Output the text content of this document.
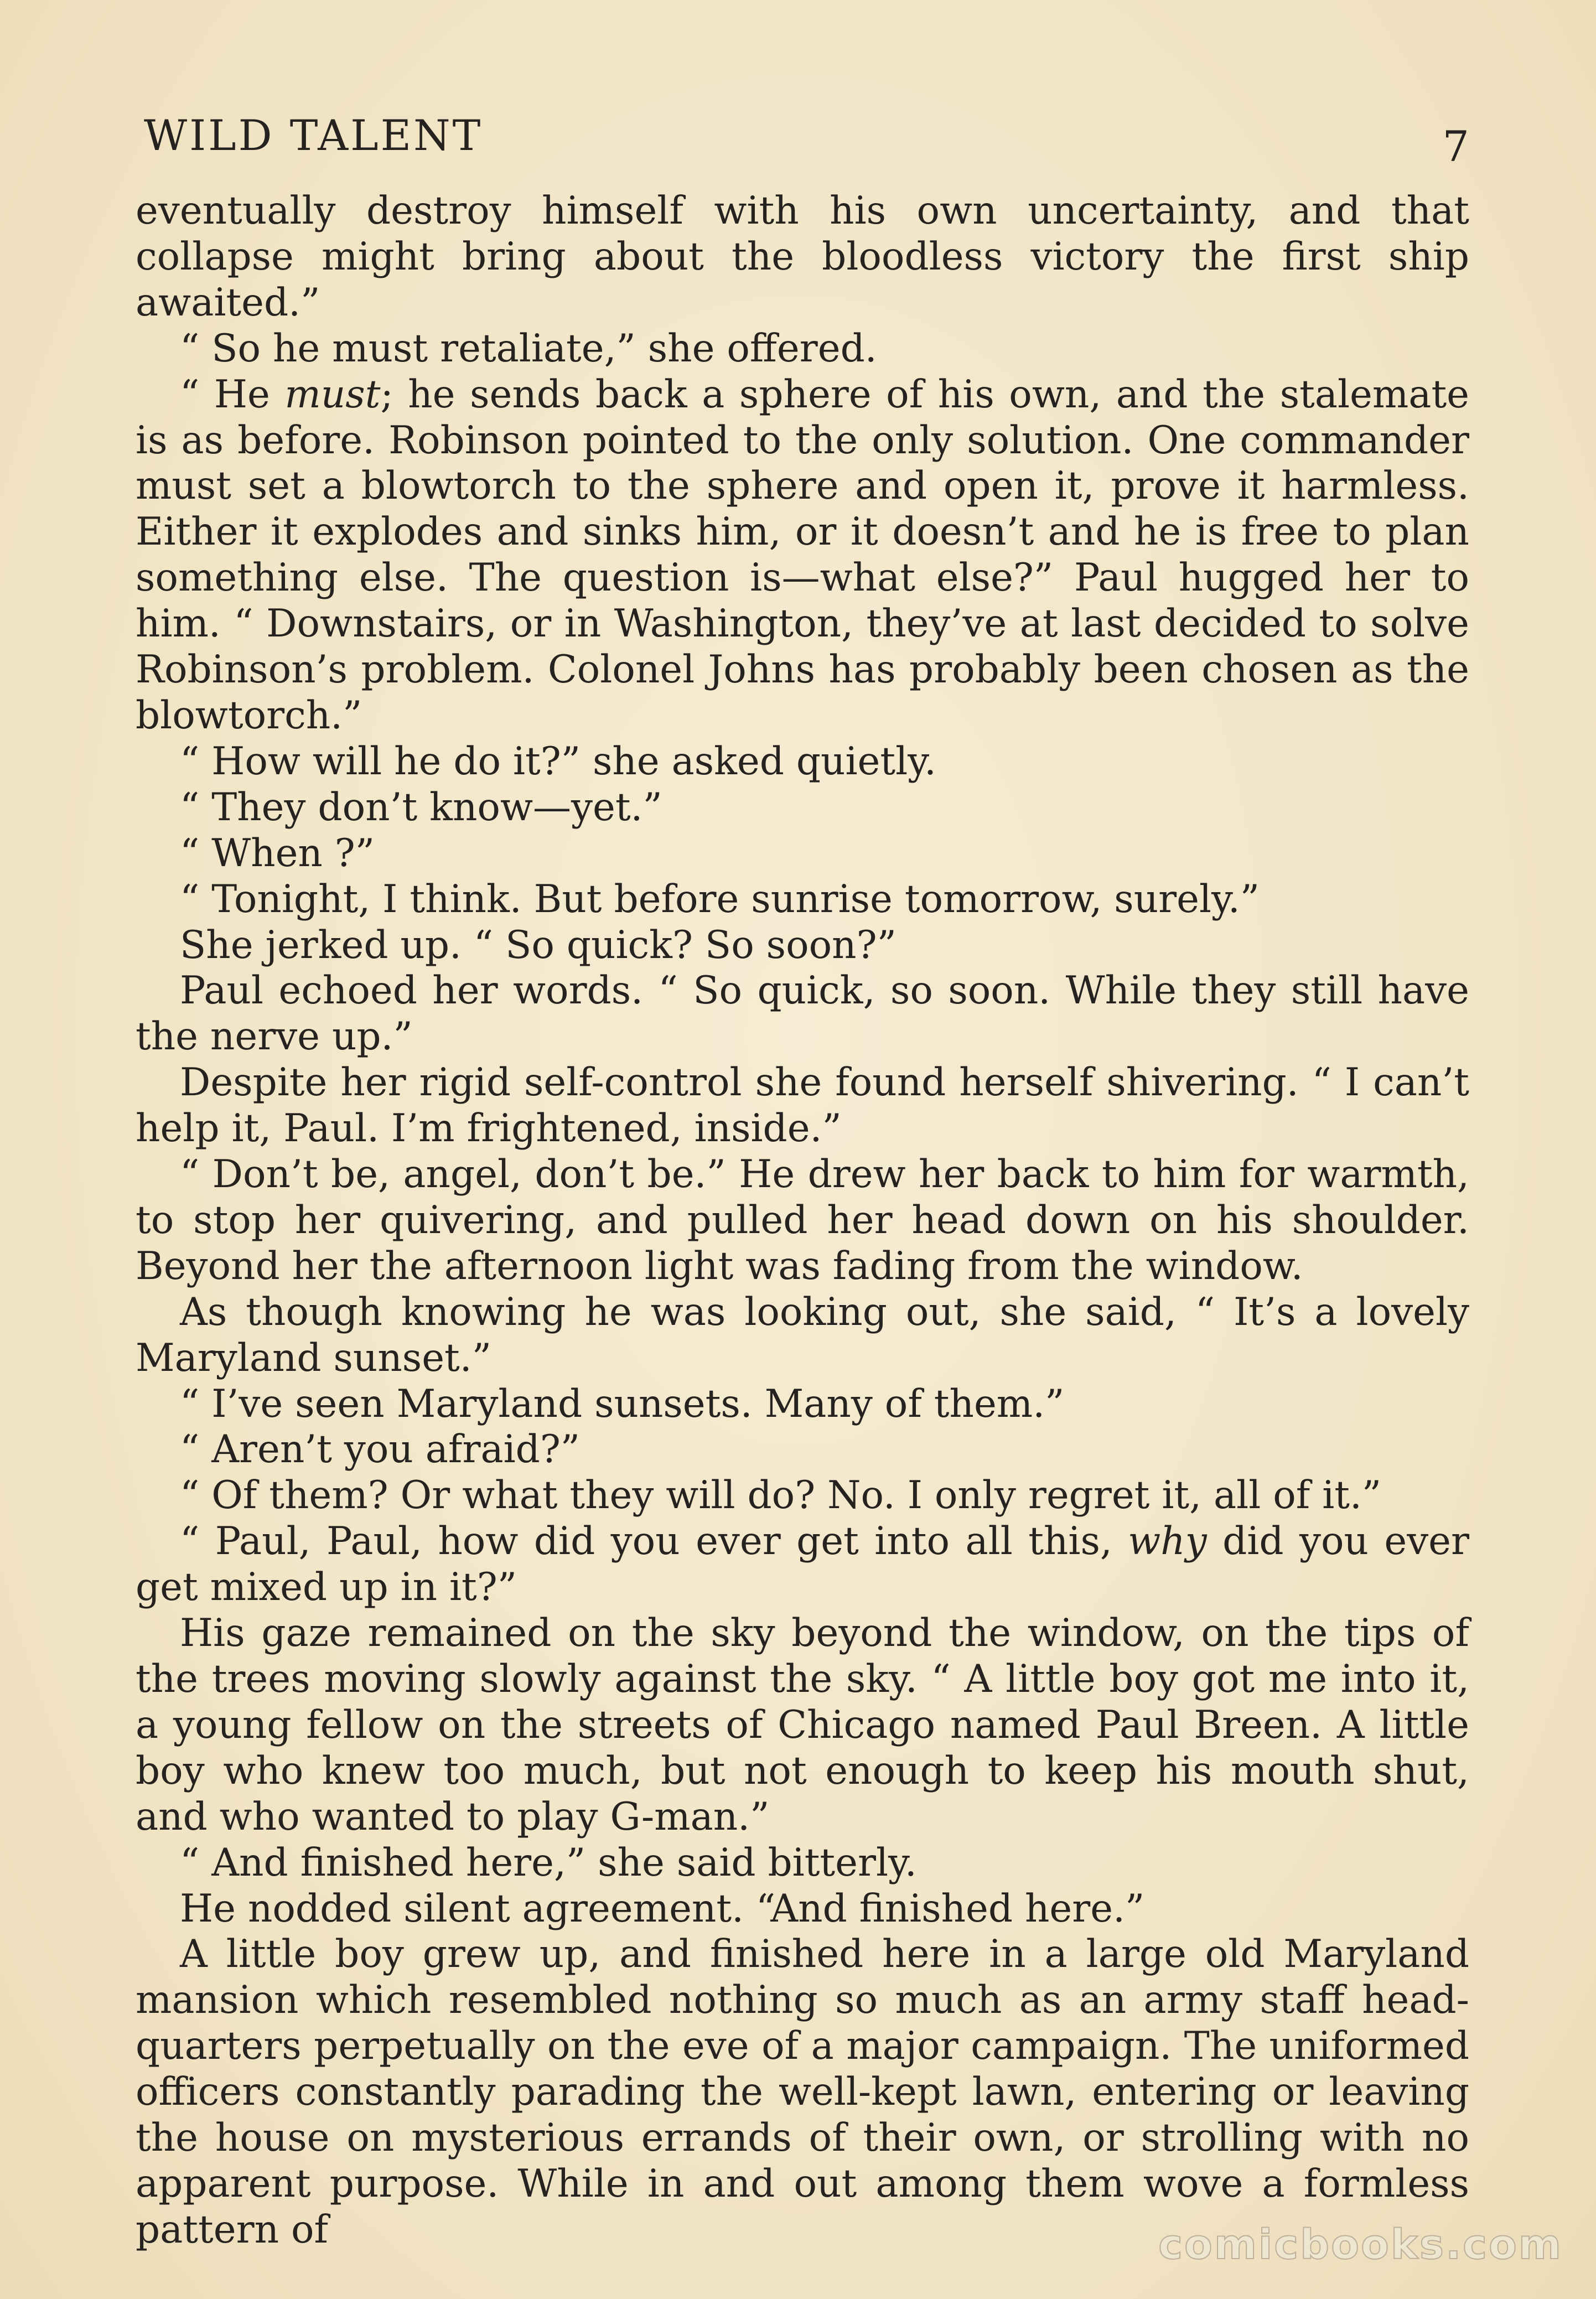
WILD TALENT	7

eventually destroy himself with his own uncertainty, and that collapse might bring about the bloodless victory the first ship awaited.”

“ So he must retaliate,” she offered.

“ He must; he sends back a sphere of his own, and the stalemate is as before. Robinson pointed to the only solution. One commander must set a blowtorch to the sphere and open it, prove it harmless. Either it explodes and sinks him, or it doesn’t and he is free to plan something else. The question is—what else?” Paul hugged her to him. “ Downstairs, or in Washington, they’ve at last decided to solve Robinson’s problem. Colonel Johns has probably been chosen as the blowtorch.”

“ How will he do it?” she asked quietly.

“ They don’t know—yet.”

“ When ?”

“ Tonight, I think. But before sunrise tomorrow, surely.”

She jerked up. “ So quick? So soon?”

Paul echoed her words. “ So quick, so soon. While they still have the nerve up.”

Despite her rigid self-control she found herself shivering. “ I can’t help it, Paul. I’m frightened, inside.”

“ Don’t be, angel, don’t be.” He drew her back to him for warmth, to stop her quivering, and pulled her head down on his shoulder. Beyond her the afternoon light was fading from the window.

As though knowing he was looking out, she said, “ It’s a lovely Maryland sunset.”

“ I’ve seen Maryland sunsets. Many of them.”

“ Aren’t you afraid?”

“ Of them? Or what they will do? No. I only regret it, all of it.”

“ Paul, Paul, how did you ever get into all this, why did you ever get mixed up in it?”

His gaze remained on the sky beyond the window, on the tips of the trees moving slowly against the sky. “ A little boy got me into it, a young fellow on the streets of Chicago named Paul Breen. A little boy who knew too much, but not enough to keep his mouth shut, and who wanted to play G-man.”

“ And finished here,” she said bitterly.

He nodded silent agreement. “And finished here.”

A little boy grew up, and finished here in a large old Maryland mansion which resembled nothing so much as an army staff head-quarters perpetually on the eve of a major campaign. The uniformed officers constantly parading the well-kept lawn, entering or leaving the house on mysterious errands of their own, or strolling with no apparent purpose. While in and out among them wove a formless pattern of	comicbooks.com
